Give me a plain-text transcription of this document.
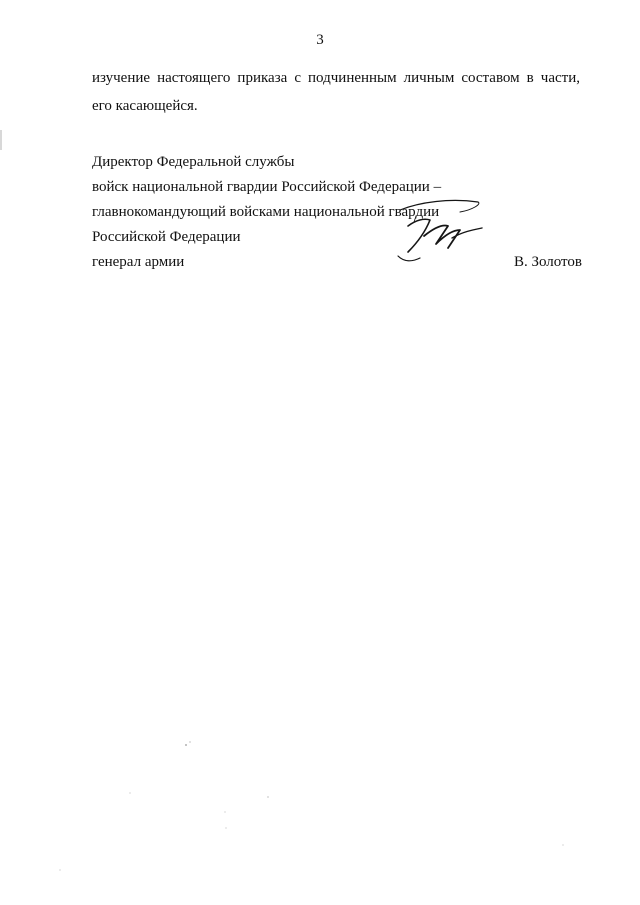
3
изучение настоящего приказа с подчиненным личным составом в части,
его касающейся.
Директор Федеральной службы
войск национальной гвардии Российской Федерации –
главнокомандующий войсками национальной гвардии
Российской Федерации
генерал армии	В. Золотов
